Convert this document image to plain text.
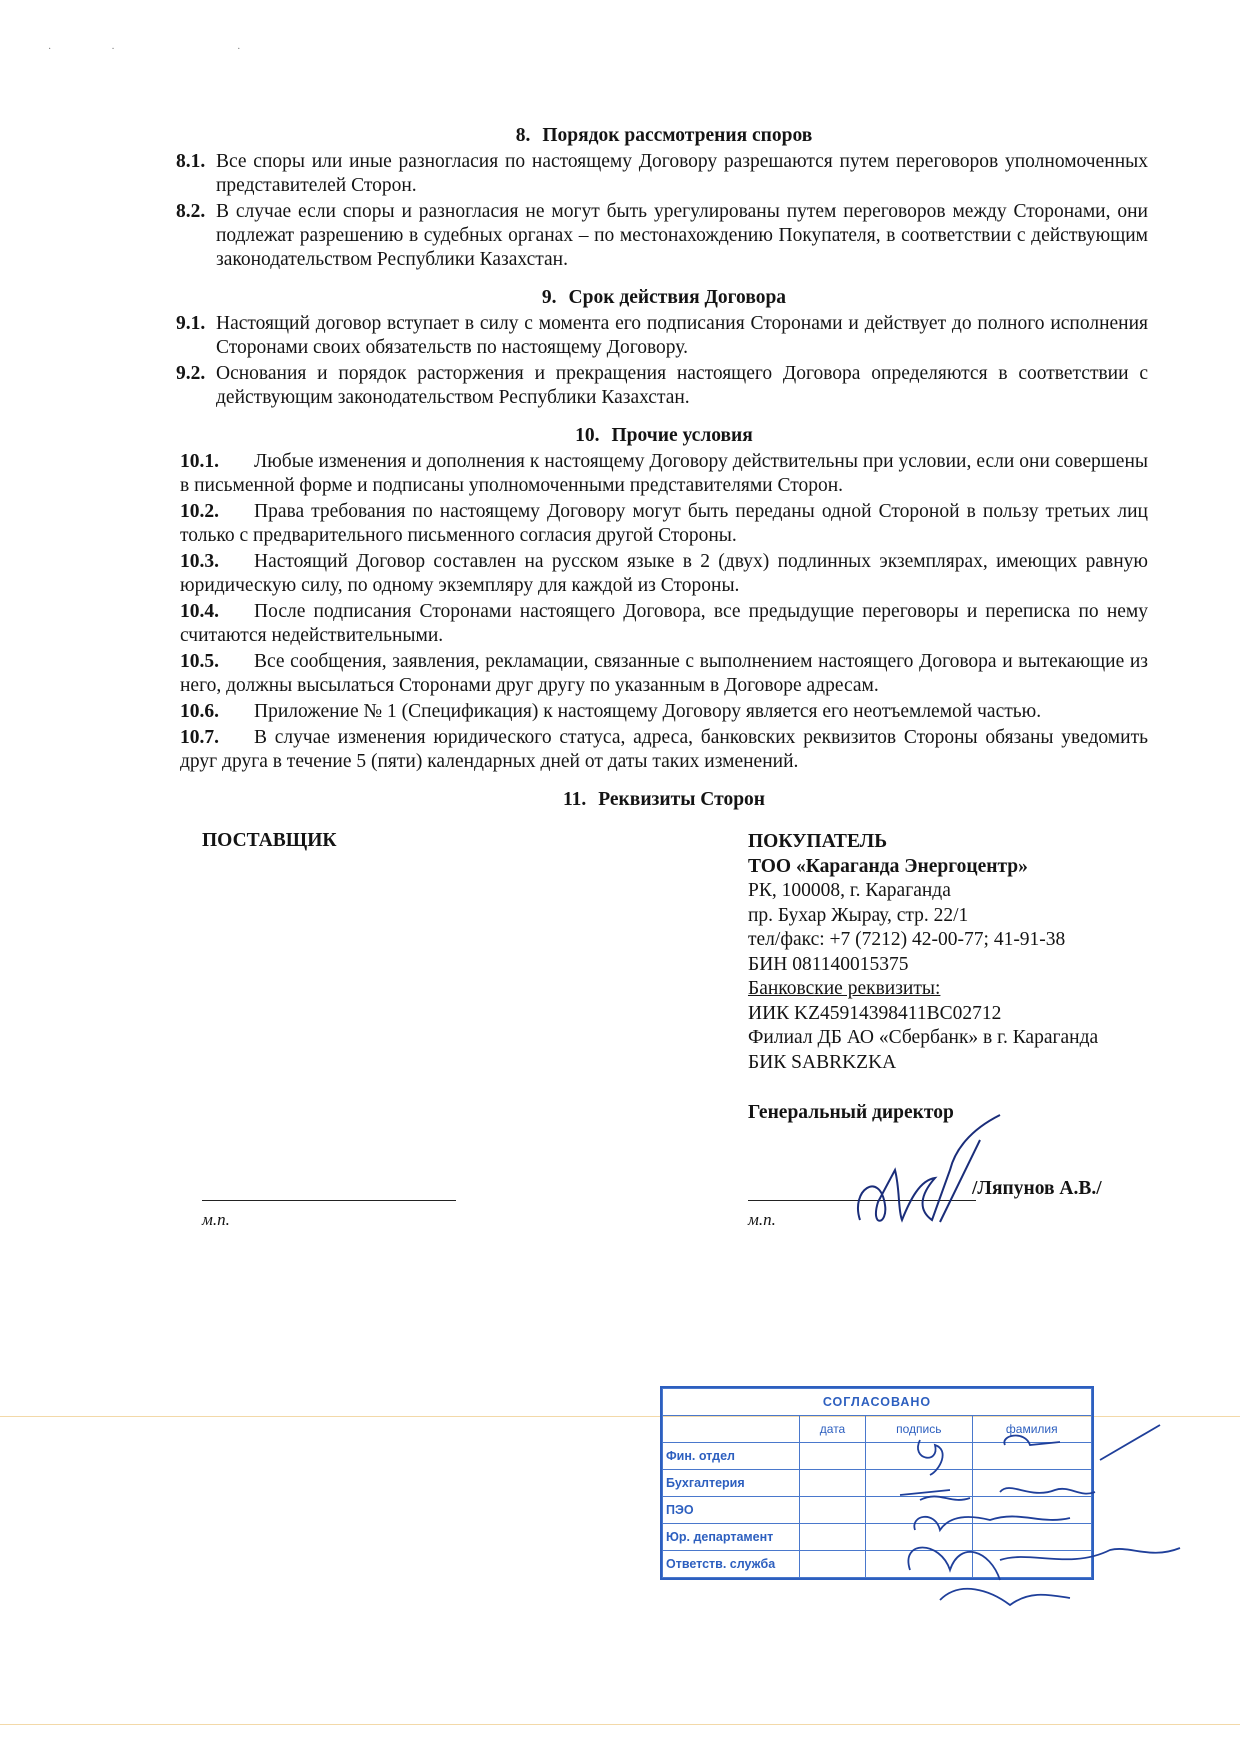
·· ·
8. Порядок рассмотрения споров
8.1. Все споры или иные разногласия по настоящему Договору разрешаются путем переговоров уполномоченных представителей Сторон.
8.2. В случае если споры и разногласия не могут быть урегулированы путем переговоров между Сторонами, они подлежат разрешению в судебных органах – по местонахождению Покупателя, в соответствии с действующим законодательством Республики Казахстан.
9. Срок действия Договора
9.1. Настоящий договор вступает в силу с момента его подписания Сторонами и действует до полного исполнения Сторонами своих обязательств по настоящему Договору.
9.2. Основания и порядок расторжения и прекращения настоящего Договора определяются в соответствии с действующим законодательством Республики Казахстан.
10. Прочие условия
10.1. Любые изменения и дополнения к настоящему Договору действительны при условии, если они совершены в письменной форме и подписаны уполномоченными представителями Сторон.
10.2. Права требования по настоящему Договору могут быть переданы одной Стороной в пользу третьих лиц только с предварительного письменного согласия другой Стороны.
10.3. Настоящий Договор составлен на русском языке в 2 (двух) подлинных экземплярах, имеющих равную юридическую силу, по одному экземпляру для каждой из Стороны.
10.4. После подписания Сторонами настоящего Договора, все предыдущие переговоры и переписка по нему считаются недействительными.
10.5. Все сообщения, заявления, рекламации, связанные с выполнением настоящего Договора и вытекающие из него, должны высылаться Сторонами друг другу по указанным в Договоре адресам.
10.6. Приложение № 1 (Спецификация) к настоящему Договору является его неотъемлемой частью.
10.7. В случае изменения юридического статуса, адреса, банковских реквизитов Стороны обязаны уведомить друг друга в течение 5 (пяти) календарных дней от даты таких изменений.
11. Реквизиты Сторон
ПОСТАВЩИК	ПОКУПАТЕЛЬ
ТОО «Караганда Энергоцентр»
РК, 100008, г. Караганда
пр. Бухар Жырау, стр. 22/1
тел/факс: +7 (7212) 42-00-77; 41-91-38
БИН 081140015375
Банковские реквизиты:
ИИК KZ4591439841​1BC02712
Филиал ДБ АО «Сбербанк» в г. Караганда
БИК SABRKZKA
Генеральный директор
/Ляпунов А.В./
м.п.	м.п.
СОГЛАСОВАНО			
	дата	подпись	фамилия
Фин. отдел			
Бухгалтерия			
ПЭО			
Юр. департамент			
Ответств. служба			
